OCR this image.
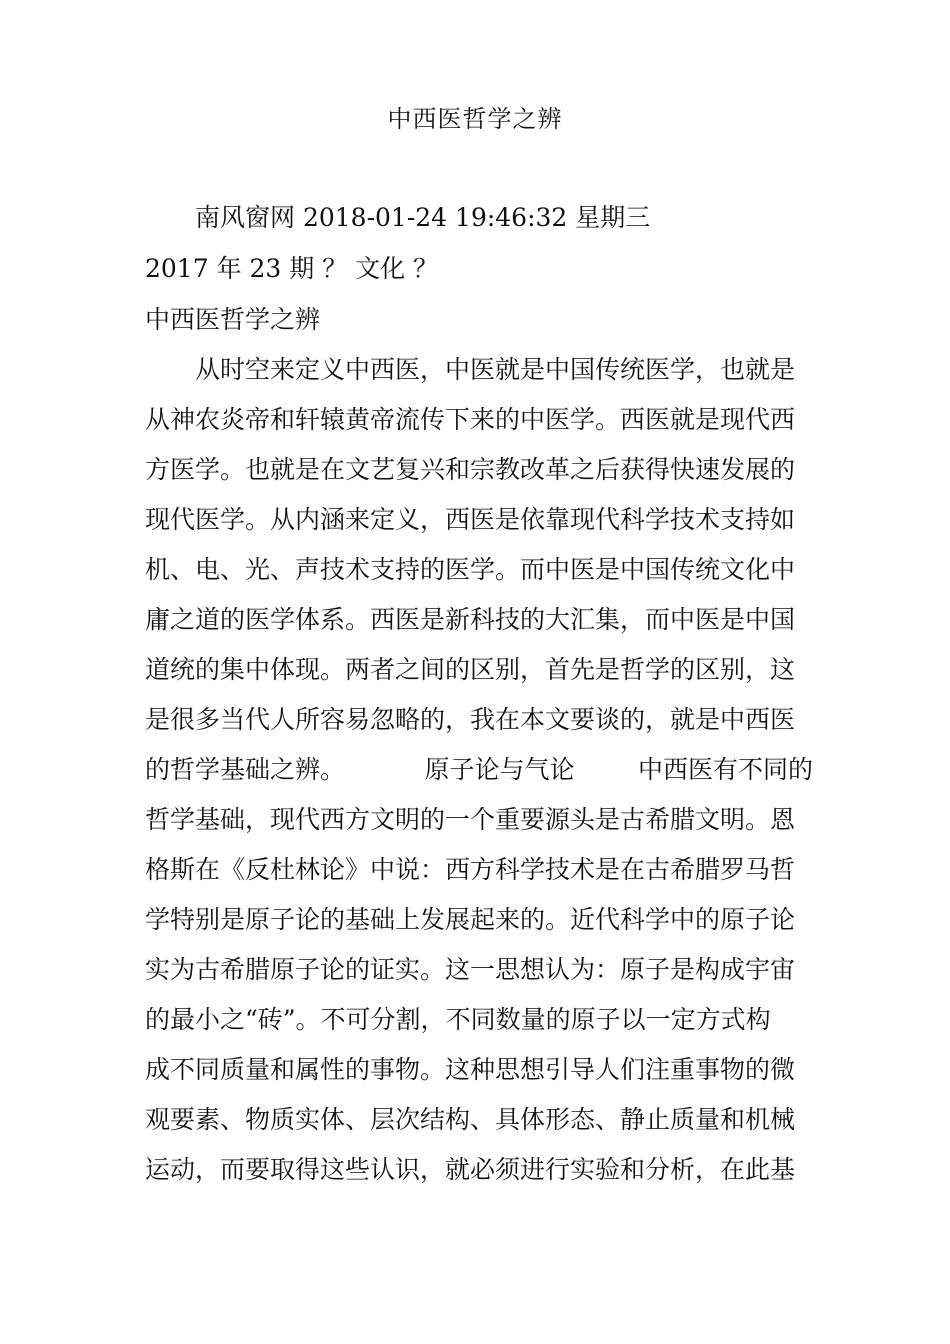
中西医哲学之辨
南风窗网 2018-01-24 19:46:32 星期三
2017 年 23 期 ？ 文化 ？
中西医哲学之辨
从时空来定义中西医，中医就是中国传统医学，也就是
从神农炎帝和轩辕黄帝流传下来的中医学。西医就是现代西
方医学。也就是在文艺复兴和宗教改革之后获得快速发展的
现代医学。从内涵来定义，西医是依靠现代科学技术支持如
机、电、光、声技术支持的医学。而中医是中国传统文化中
庸之道的医学体系。西医是新科技的大汇集，而中医是中国
道统的集中体现。两者之间的区别，首先是哲学的区别，这
是很多当代人所容易忽略的，我在本文要谈的，就是中西医
的哲学基础之辨。          原子论与气论        中西医有不同的
哲学基础，现代西方文明的一个重要源头是古希腊文明。恩
格斯在《反杜林论》中说：西方科学技术是在古希腊罗马哲
学特别是原子论的基础上发展起来的。近代科学中的原子论
实为古希腊原子论的证实。这一思想认为：原子是构成宇宙
的最小之“砖”。不可分割，不同数量的原子以一定方式构
成不同质量和属性的事物。这种思想引导人们注重事物的微
观要素、物质实体、层次结构、具体形态、静止质量和机械
运动，而要取得这些认识，就必须进行实验和分析，在此基
